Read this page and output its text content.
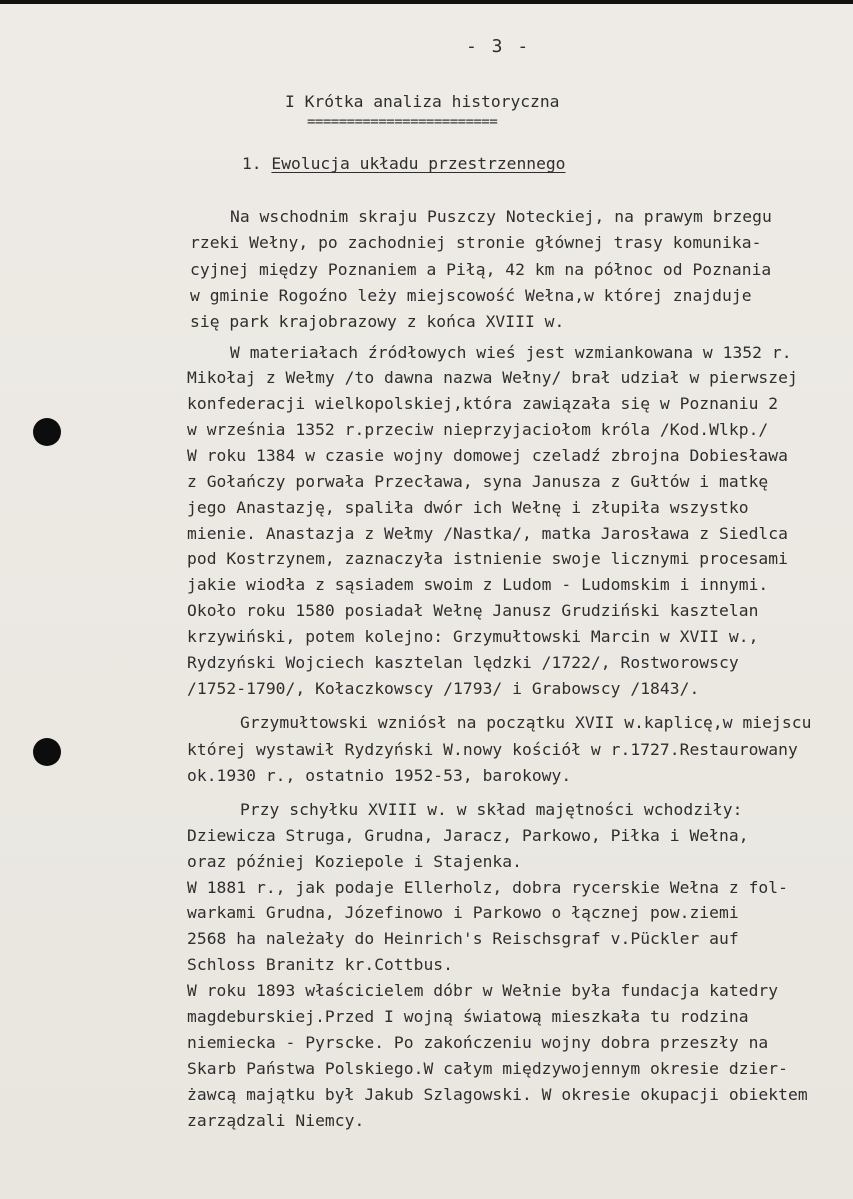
- 3 -
I Krótka analiza historyczna
========================
1. Ewolucja układu przestrzennego
Na wschodnim skraju Puszczy Noteckiej, na prawym brzegu
rzeki Wełny, po zachodniej stronie głównej trasy komunika-
cyjnej między Poznaniem a Piłą, 42 km na północ od Poznania
w gminie Rogoźno leży miejscowość Wełna,w której znajduje
się park krajobrazowy z końca XVIII w.
W materiałach źródłowych wieś jest wzmiankowana w 1352 r.
Mikołaj z Wełmy /to dawna nazwa Wełny/ brał udział w pierwszej
konfederacji wielkopolskiej,która zawiązała się w Poznaniu 2
w września 1352 r.przeciw nieprzyjaciołom króla /Kod.Wlkp./
W roku 1384 w czasie wojny domowej czeladź zbrojna Dobiesława
z Gołańczy porwała Przecława, syna Janusza z Gułtów i matkę
jego Anastazję, spaliła dwór ich Wełnę i złupiła wszystko
mienie. Anastazja z Wełmy /Nastka/, matka Jarosława z Siedlca
pod Kostrzynem, zaznaczyła istnienie swoje licznymi procesami
jakie wiodła z sąsiadem swoim z Ludom - Ludomskim i innymi.
Około roku 1580 posiadał Wełnę Janusz Grudziński kasztelan
krzywiński, potem kolejno: Grzymułtowski Marcin w XVII w.,
Rydzyński Wojciech kasztelan lędzki /1722/, Rostworowscy
/1752-1790/, Kołaczkowscy /1793/ i Grabowscy /1843/.
Grzymułtowski wzniósł na początku XVII w.kaplicę,w miejscu
której wystawił Rydzyński W.nowy kościół w r.1727.Restaurowany
ok.1930 r., ostatnio 1952-53, barokowy.
Przy schyłku XVIII w. w skład majętności wchodziły:
Dziewicza Struga, Grudna, Jaracz, Parkowo, Piłka i Wełna,
oraz później Koziepole i Stajenka.
W 1881 r., jak podaje Ellerholz, dobra rycerskie Wełna z fol-
warkami Grudna, Józefinowo i Parkowo o łącznej pow.ziemi
2568 ha należały do Heinrich's Reischsgraf v.Pückler auf
Schloss Branitz kr.Cottbus.
W roku 1893 właścicielem dóbr w Wełnie była fundacja katedry
magdeburskiej.Przed I wojną światową mieszkała tu rodzina
niemiecka - Pyrscke. Po zakończeniu wojny dobra przeszły na
Skarb Państwa Polskiego.W całym międzywojennym okresie dzier-
żawcą majątku był Jakub Szlagowski. W okresie okupacji obiektem
zarządzali Niemcy.
